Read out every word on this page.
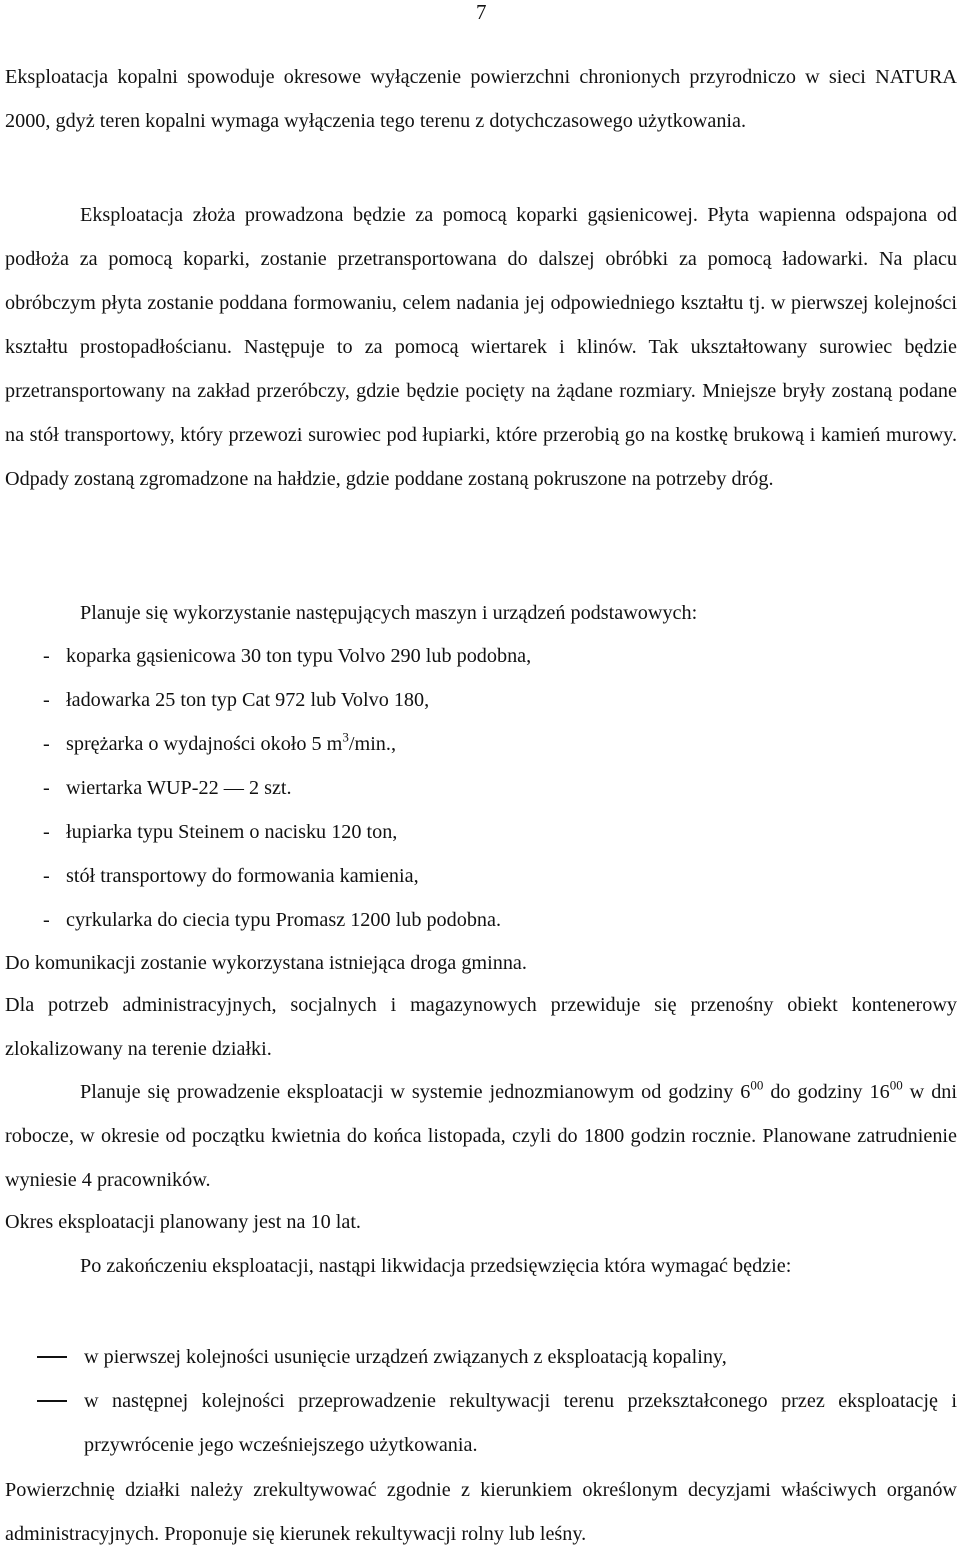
7

Eksploatacja kopalni spowoduje okresowe wyłączenie powierzchni chronionych przyrodniczo w sieci NATURA 2000, gdyż teren kopalni wymaga wyłączenia tego terenu z dotychczasowego użytkowania.

Eksploatacja złoża prowadzona będzie za pomocą koparki gąsienicowej. Płyta wapienna odspajona od podłoża za pomocą koparki, zostanie przetransportowana do dalszej obróbki za pomocą ładowarki. Na placu obróbczym płyta zostanie poddana formowaniu, celem nadania jej odpowiedniego kształtu tj. w pierwszej kolejności kształtu prostopadłościanu. Następuje to za pomocą wiertarek i klinów. Tak ukształtowany surowiec będzie przetransportowany na zakład przeróbczy, gdzie będzie pocięty na żądane rozmiary. Mniejsze bryły zostaną podane na stół transportowy, który przewozi surowiec pod łupiarki, które przerobią go na kostkę brukową i kamień murowy. Odpady zostaną zgromadzone na hałdzie, gdzie poddane zostaną pokruszone na potrzeby dróg.

Planuje się wykorzystanie następujących maszyn i urządzeń podstawowych:

- koparka gąsienicowa 30 ton typu Volvo 290 lub podobna,
- ładowarka 25 ton typ Cat 972 lub Volvo 180,
- sprężarka o wydajności około 5 $m^3/\min$.,
- wiertarka WUP-22 — 2 szt.
- łupiarka typu Steinem o nacisku 120 ton,
- stół transportowy do formowania kamienia,
- cyrkularka do ciecia typu Promasz 1200 lub podobna.

Do komunikacji zostanie wykorzystana istniejąca droga gminna.

Dla potrzeb administracyjnych, socjalnych i magazynowych przewiduje się przenośny obiekt kontenerowy zlokalizowany na terenie działki.

Planuje się prowadzenie eksploatacji w systemie jednozmianowym od godziny $6^{00}$ do godziny $16^{00}$ w dni robocze, w okresie od początku kwietnia do końca listopada, czyli do 1800 godzin rocznie. Planowane zatrudnienie wyniesie 4 pracowników.

Okres eksploatacji planowany jest na 10 lat.

Po zakończeniu eksploatacji, nastąpi likwidacja przedsięwzięcia która wymagać będzie:

w pierwszej kolejności usunięcie urządzeń związanych z eksploatacją kopaliny,
w następnej kolejności przeprowadzenie rekultywacji terenu przekształconego przez eksploatację i przywrócenie jego wcześniejszego użytkowania.

Powierzchnię działki należy zrekultywować zgodnie z kierunkiem określonym decyzjami właściwych organów administracyjnych. Proponuje się kierunek rekultywacji rolny lub leśny.
